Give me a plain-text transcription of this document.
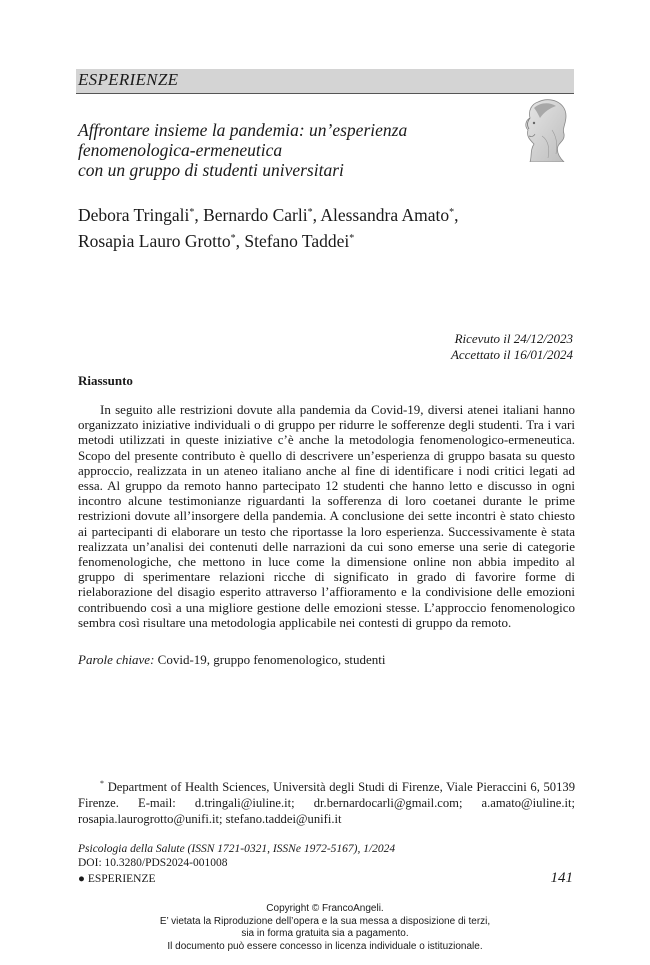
ESPERIENZE
Affrontare insieme la pandemia: un’esperienza
fenomenologica-ermeneutica
con un gruppo di studenti universitari
Debora Tringali*, Bernardo Carli*, Alessandra Amato*,
Rosapia Lauro Grotto*, Stefano Taddei*
Ricevuto il 24/12/2023
Accettato il 16/01/2024
Riassunto

In seguito alle restrizioni dovute alla pandemia da Covid-19, diversi atenei italiani hanno organizzato iniziative individuali o di gruppo per ridurre le sofferenze degli studenti. Tra i vari metodi utilizzati in queste iniziative c’è anche la metodologia fenomenologico-ermeneutica. Scopo del presente contributo è quello di descrivere un’esperienza di gruppo basata su questo approccio, realizzata in un ateneo italiano anche al fine di identificare i nodi critici legati ad essa. Al gruppo da remoto hanno partecipato 12 studenti che hanno letto e discusso in ogni incontro alcune testimonianze riguardanti la sofferenza di loro coetanei durante le prime restrizioni dovute all’insorgere della pandemia. A conclusione dei sette incontri è stato chiesto ai partecipanti di elaborare un testo che riportasse la loro esperienza. Successivamente è stata realizzata un’analisi dei contenuti delle narrazioni da cui sono emerse una serie di categorie fenomenologiche, che mettono in luce come la dimensione online non abbia impedito al gruppo di sperimentare relazioni ricche di significato in grado di favorire forme di rielaborazione del disagio esperito attraverso l’affioramento e la condivisione delle emozioni contribuendo così a una migliore gestione delle emozioni stesse. L’approccio fenomenologico sembra così risultare una metodologia applicabile nei contesti di gruppo da remoto.

Parole chiave: Covid-19, gruppo fenomenologico, studenti
* Department of Health Sciences, Università degli Studi di Firenze, Viale Pieraccini 6, 50139 Firenze. E-mail: d.tringali@iuline.it; dr.bernardocarli@gmail.com; a.amato@iuline.it; rosapia.laurogrotto@unifi.it; stefano.taddei@unifi.it
Psicologia della Salute (ISSN 1721-0321, ISSNe 1972-5167), 1/2024
DOI: 10.3280/PDS2024-001008
● ESPERIENZE	141
Copyright © FrancoAngeli.
E’ vietata la Riproduzione dell’opera e la sua messa a disposizione di terzi,
sia in forma gratuita sia a pagamento.
Il documento può essere concesso in licenza individuale o istituzionale.
